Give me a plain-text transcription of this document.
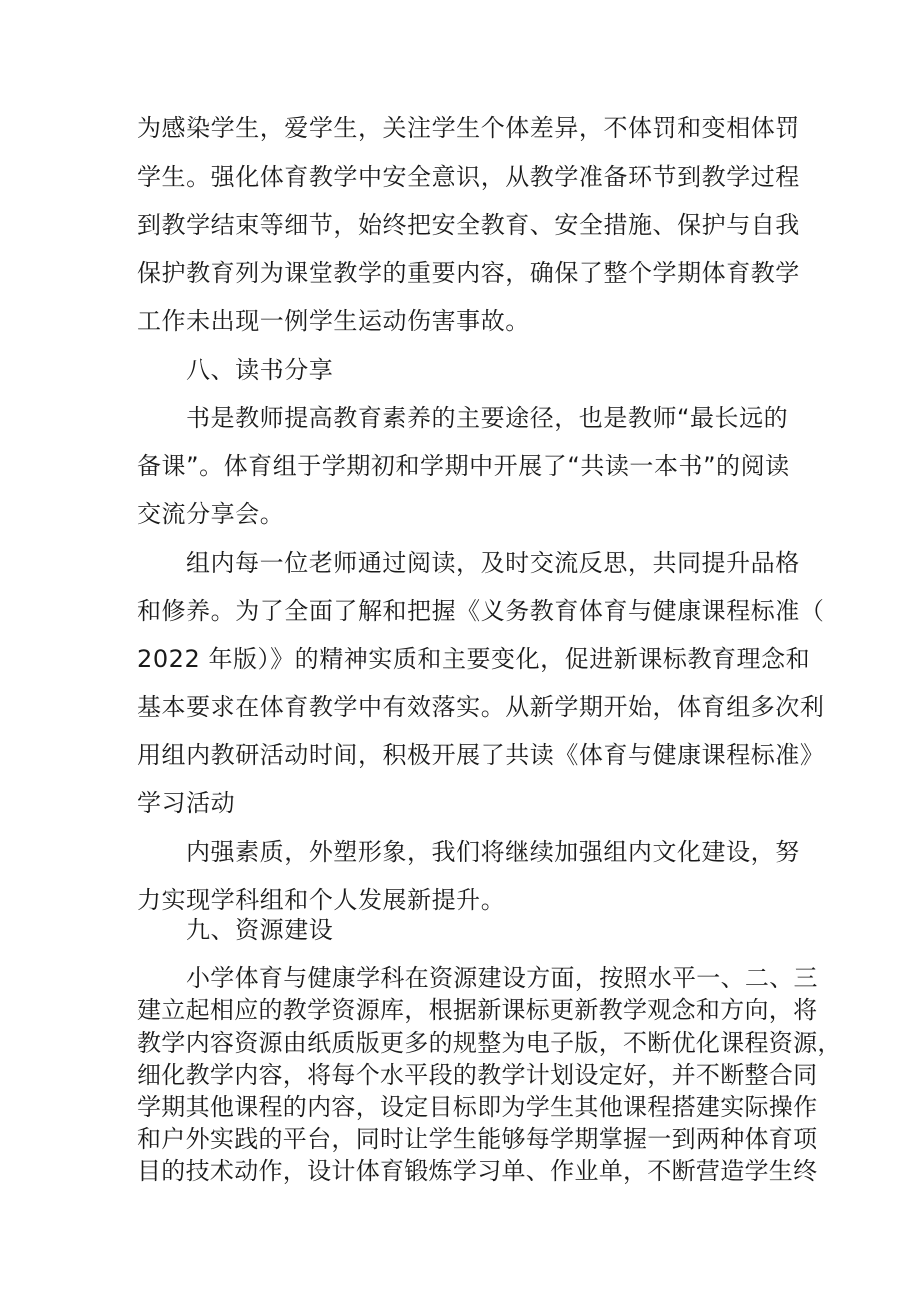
为感染学生，爱学生，关注学生个体差异，不体罚和变相体罚
学生。强化体育教学中安全意识，从教学准备环节到教学过程
到教学结束等细节，始终把安全教育、安全措施、保护与自我
保护教育列为课堂教学的重要内容，确保了整个学期体育教学
工作未出现一例学生运动伤害事故。
八、读书分享
书是教师提高教育素养的主要途径，也是教师“最长远的
备课”。体育组于学期初和学期中开展了“共读一本书”的阅读
交流分享会。
组内每一位老师通过阅读，及时交流反思，共同提升品格
和修养。为了全面了解和把握《义务教育体育与健康课程标准（
2022 年版）》的精神实质和主要变化，促进新课标教育理念和
基本要求在体育教学中有效落实。从新学期开始，体育组多次利
用组内教研活动时间，积极开展了共读《体育与健康课程标准》
学习活动
内强素质，外塑形象，我们将继续加强组内文化建设，努
力实现学科组和个人发展新提升。
九、资源建设
小学体育与健康学科在资源建设方面，按照水平一、二、三
建立起相应的教学资源库，根据新课标更新教学观念和方向，将
教学内容资源由纸质版更多的规整为电子版，不断优化课程资源，
细化教学内容，将每个水平段的教学计划设定好，并不断整合同
学期其他课程的内容，设定目标即为学生其他课程搭建实际操作
和户外实践的平台，同时让学生能够每学期掌握一到两种体育项
目的技术动作，设计体育锻炼学习单、作业单，不断营造学生终
